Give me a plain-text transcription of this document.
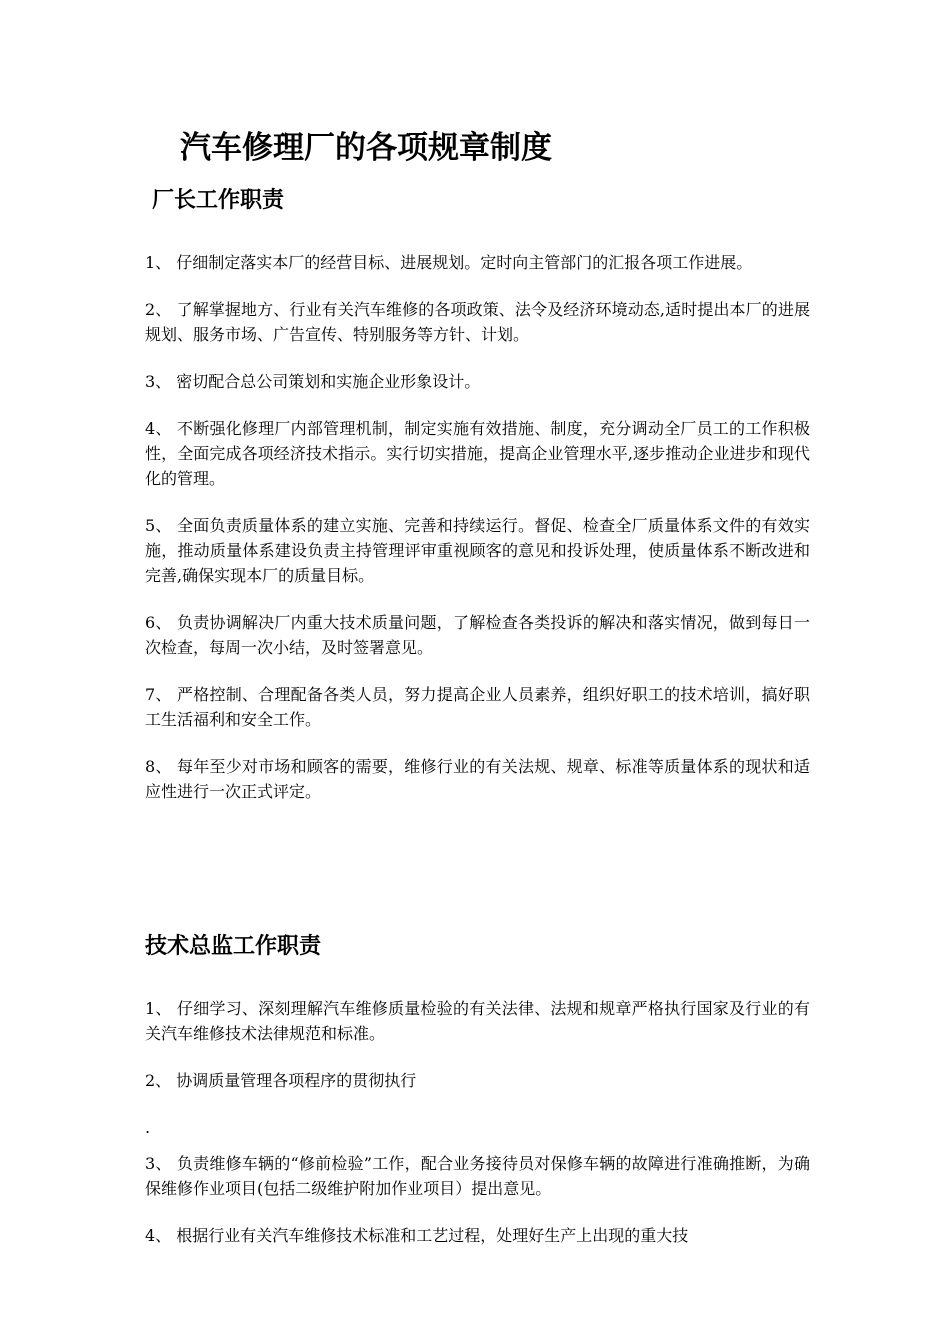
汽车修理厂的各项规章制度
厂长工作职责
1、 仔细制定落实本厂的经营目标、进展规划。定时向主管部门的汇报各项工作进展。
2、 了解掌握地方、行业有关汽车维修的各项政策、法令及经济环境动态,适时提出本厂的进展规划、服务市场、广告宣传、特别服务等方针、计划。
3、 密切配合总公司策划和实施企业形象设计。
4、 不断强化修理厂内部管理机制，制定实施有效措施、制度，充分调动全厂员工的工作积极性，全面完成各项经济技术指示。实行切实措施，提高企业管理水平,逐步推动企业进步和现代化的管理。
5、 全面负责质量体系的建立实施、完善和持续运行。督促、检查全厂质量体系文件的有效实施，推动质量体系建设负责主持管理评审重视顾客的意见和投诉处理，使质量体系不断改进和完善,确保实现本厂的质量目标。
6、 负责协调解决厂内重大技术质量问题，了解检查各类投诉的解决和落实情况，做到每日一次检查，每周一次小结，及时签署意见。
7、 严格控制、合理配备各类人员，努力提高企业人员素养，组织好职工的技术培训，搞好职工生活福利和安全工作。
8、 每年至少对市场和顾客的需要，维修行业的有关法规、规章、标准等质量体系的现状和适应性进行一次正式评定。
技术总监工作职责
1、 仔细学习、深刻理解汽车维修质量检验的有关法律、法规和规章严格执行国家及行业的有关汽车维修技术法律规范和标准。
2、 协调质量管理各项程序的贯彻执行
.
3、 负责维修车辆的“修前检验”工作，配合业务接待员对保修车辆的故障进行准确推断，为确保维修作业项目(包括二级维护附加作业项目）提出意见。
4、 根据行业有关汽车维修技术标准和工艺过程，处理好生产上出现的重大技
